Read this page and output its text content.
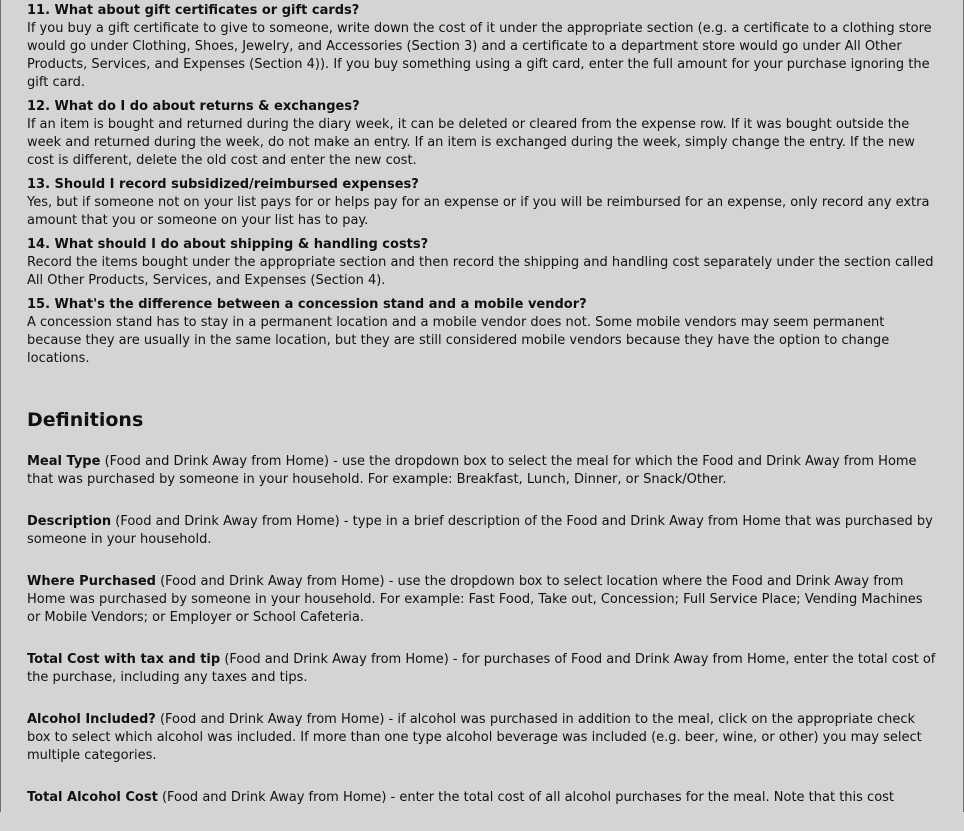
11. What about gift certificates or gift cards?

If you buy a gift certificate to give to someone, write down the cost of it under the appropriate section (e.g. a certificate to a clothing store would go under Clothing, Shoes, Jewelry, and Accessories (Section 3) and a certificate to a department store would go under All Other Products, Services, and Expenses (Section 4)). If you buy something using a gift card, enter the full amount for your purchase ignoring the gift card.

12. What do I do about returns & exchanges?

If an item is bought and returned during the diary week, it can be deleted or cleared from the expense row. If it was bought outside the week and returned during the week, do not make an entry. If an item is exchanged during the week, simply change the entry. If the new cost is different, delete the old cost and enter the new cost.

13. Should I record subsidized/reimbursed expenses?

Yes, but if someone not on your list pays for or helps pay for an expense or if you will be reimbursed for an expense, only record any extra amount that you or someone on your list has to pay.

14. What should I do about shipping & handling costs?

Record the items bought under the appropriate section and then record the shipping and handling cost separately under the section called All Other Products, Services, and Expenses (Section 4).

15. What's the difference between a concession stand and a mobile vendor?

A concession stand has to stay in a permanent location and a mobile vendor does not. Some mobile vendors may seem permanent because they are usually in the same location, but they are still considered mobile vendors because they have the option to change locations.

Definitions

Meal Type (Food and Drink Away from Home) - use the dropdown box to select the meal for which the Food and Drink Away from Home that was purchased by someone in your household. For example: Breakfast, Lunch, Dinner, or Snack/Other.

Description (Food and Drink Away from Home) - type in a brief description of the Food and Drink Away from Home that was purchased by someone in your household.

Where Purchased (Food and Drink Away from Home) - use the dropdown box to select location where the Food and Drink Away from Home was purchased by someone in your household. For example: Fast Food, Take out, Concession; Full Service Place; Vending Machines or Mobile Vendors; or Employer or School Cafeteria.

Total Cost with tax and tip (Food and Drink Away from Home) - for purchases of Food and Drink Away from Home, enter the total cost of the purchase, including any taxes and tips.

Alcohol Included? (Food and Drink Away from Home) - if alcohol was purchased in addition to the meal, click on the appropriate check box to select which alcohol was included. If more than one type alcohol beverage was included (e.g. beer, wine, or other) you may select multiple categories.

Total Alcohol Cost (Food and Drink Away from Home) - enter the total cost of all alcohol purchases for the meal. Note that this cost
